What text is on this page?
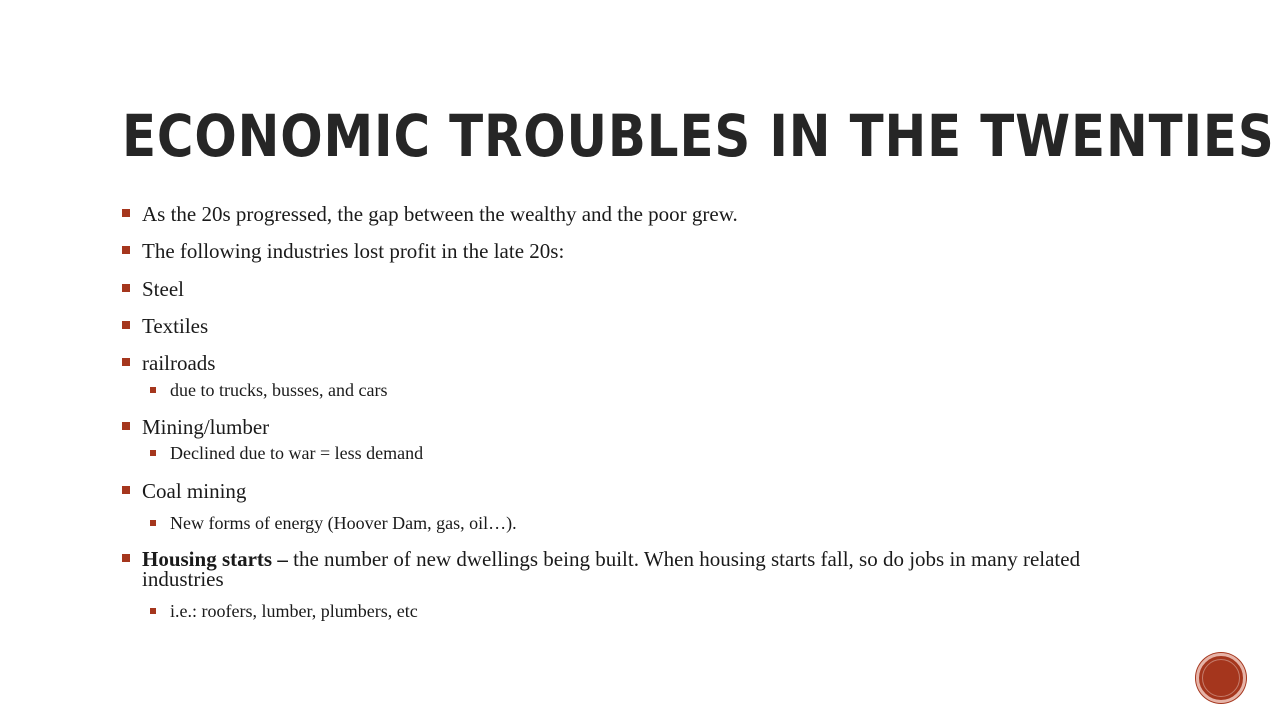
ECONOMIC TROUBLES IN THE TWENTIES
As the 20s progressed, the gap between the wealthy and the poor grew.
The following industries lost profit in the late 20s:
Steel
Textiles
railroads
due to trucks, busses, and cars
Mining/lumber
Declined due to war = less demand
Coal mining
New forms of energy (Hoover Dam, gas, oil…).
Housing starts – the number of new dwellings being built. When housing starts fall, so do jobs in many related industries
i.e.: roofers, lumber, plumbers, etc
